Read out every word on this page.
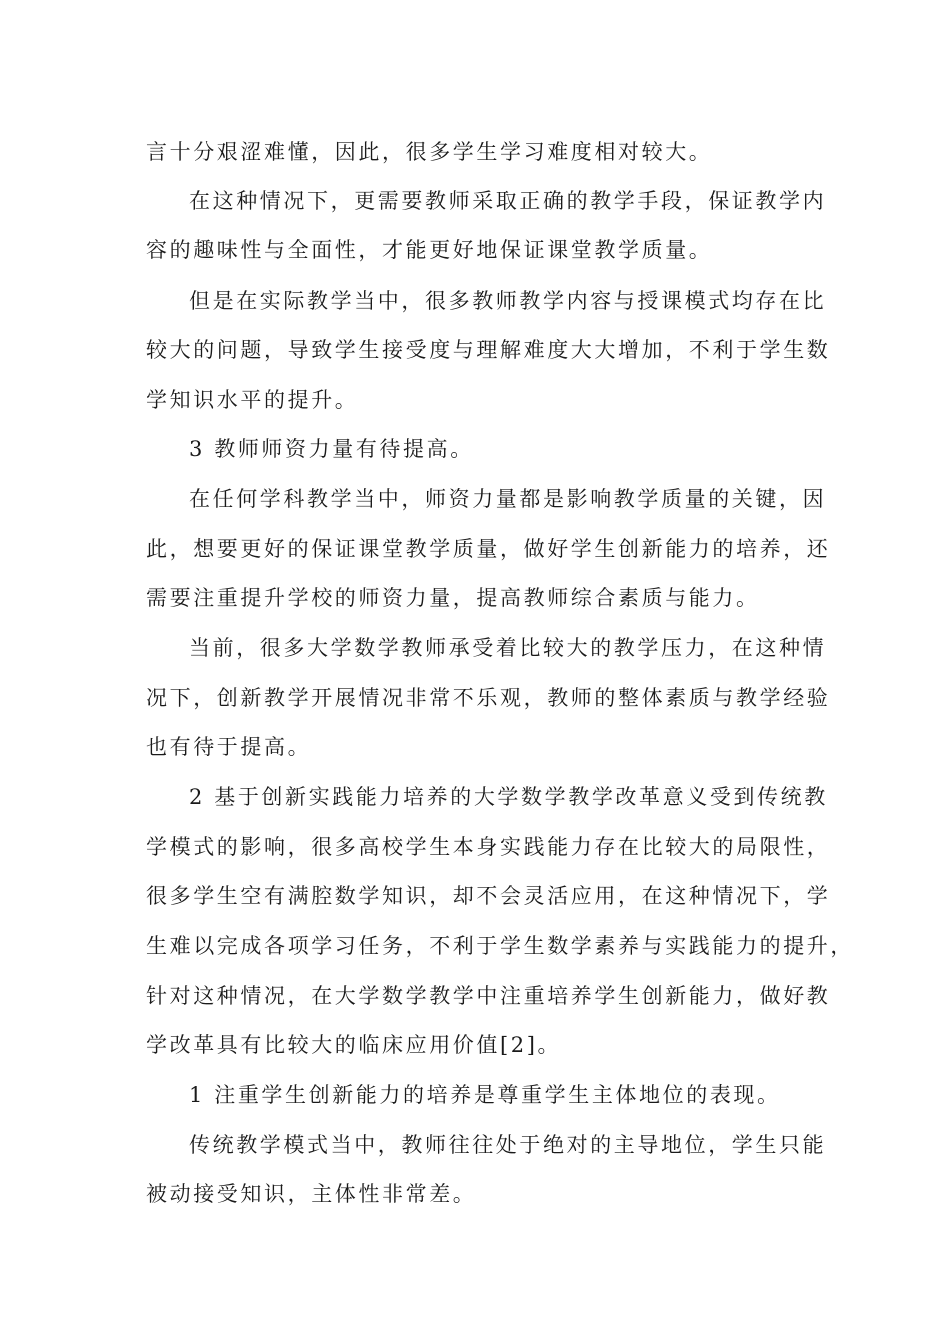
言十分艰涩难懂，因此，很多学生学习难度相对较大。
在这种情况下，更需要教师采取正确的教学手段，保证教学内
容的趣味性与全面性，才能更好地保证课堂教学质量。
但是在实际教学当中，很多教师教学内容与授课模式均存在比
较大的问题，导致学生接受度与理解难度大大增加，不利于学生数
学知识水平的提升。
3 教师师资力量有待提高。
在任何学科教学当中，师资力量都是影响教学质量的关键，因
此，想要更好的保证课堂教学质量，做好学生创新能力的培养，还
需要注重提升学校的师资力量，提高教师综合素质与能力。
当前，很多大学数学教师承受着比较大的教学压力，在这种情
况下，创新教学开展情况非常不乐观，教师的整体素质与教学经验
也有待于提高。
2 基于创新实践能力培养的大学数学教学改革意义受到传统教
学模式的影响，很多高校学生本身实践能力存在比较大的局限性，
很多学生空有满腔数学知识，却不会灵活应用，在这种情况下，学
生难以完成各项学习任务，不利于学生数学素养与实践能力的提升，
针对这种情况，在大学数学教学中注重培养学生创新能力，做好教
学改革具有比较大的临床应用价值[2]。
1 注重学生创新能力的培养是尊重学生主体地位的表现。
传统教学模式当中，教师往往处于绝对的主导地位，学生只能
被动接受知识，主体性非常差。
